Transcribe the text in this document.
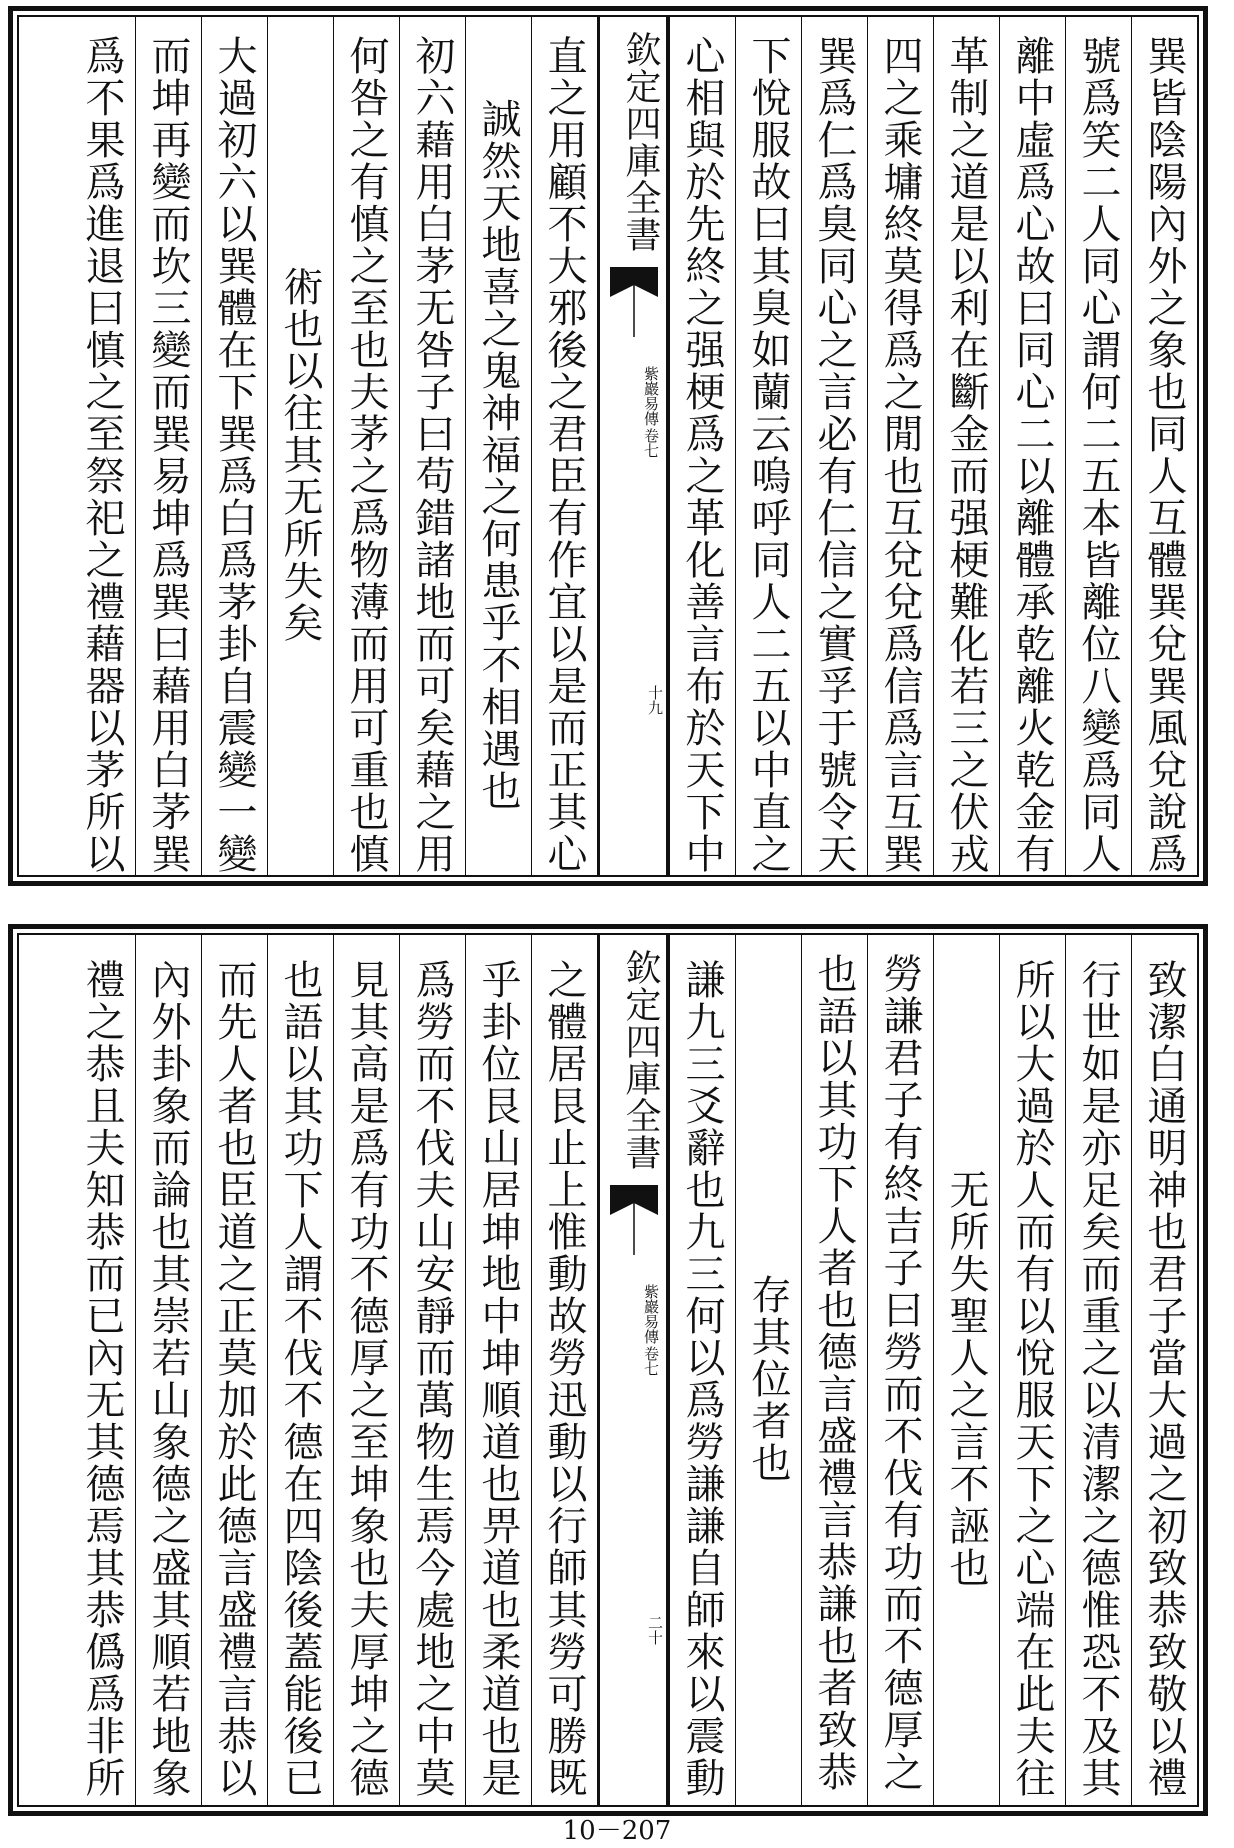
巽皆陰陽內外之象也同人互體巽兌巽風兌說爲
號爲笑二人同心謂何二五本皆離位八變爲同人
離中虛爲心故曰同心二以離體承乾離火乾金有
革制之道是以利在斷金而强梗難化若三之伏戎
四之乘墉終莫得爲之閒也互兌兌爲信爲言互巽
巽爲仁爲臭同心之言必有仁信之實孚于號令天
下悅服故曰其臭如蘭云嗚呼同人二五以中直之
心相與於先終之强梗爲之革化善言布於天下中
欽定四庫全書
紫巖易傳
卷七
十九
直之用顧不大邪後之君臣有作宜以是而正其心
誠然天地喜之鬼神福之何患乎不相遇也
初六藉用白茅无咎子曰苟錯諸地而可矣藉之用
何咎之有慎之至也夫茅之爲物薄而用可重也慎
術也以往其无所失矣
大過初六以巽體在下巽爲白爲茅卦自震變一變
而坤再變而坎三變而巽易坤爲巽曰藉用白茅巽
爲不果爲進退曰慎之至祭祀之禮藉器以茅所以
致潔白通明神也君子當大過之初致恭致敬以禮
行世如是亦足矣而重之以清潔之德惟恐不及其
所以大過於人而有以悅服天下之心端在此夫往
无所失聖人之言不誣也
勞謙君子有終吉子曰勞而不伐有功而不德厚之
也語以其功下人者也德言盛禮言恭謙也者致恭
存其位者也
謙九三爻辭也九三何以爲勞謙謙自師來以震動
欽定四庫全書
紫巖易傳
卷七
二十
之體居艮止上惟動故勞迅動以行師其勞可勝既
乎卦位艮山居坤地中坤順道也畀道也柔道也是
爲勞而不伐夫山安靜而萬物生焉今處地之中莫
見其高是爲有功不德厚之至坤象也夫厚坤之德
也語以其功下人謂不伐不德在四陰後蓋能後已
而先人者也臣道之正莫加於此德言盛禮言恭以
內外卦象而論也其崇若山象德之盛其順若地象
禮之恭且夫知恭而已內无其德焉其恭僞爲非所
10－207
